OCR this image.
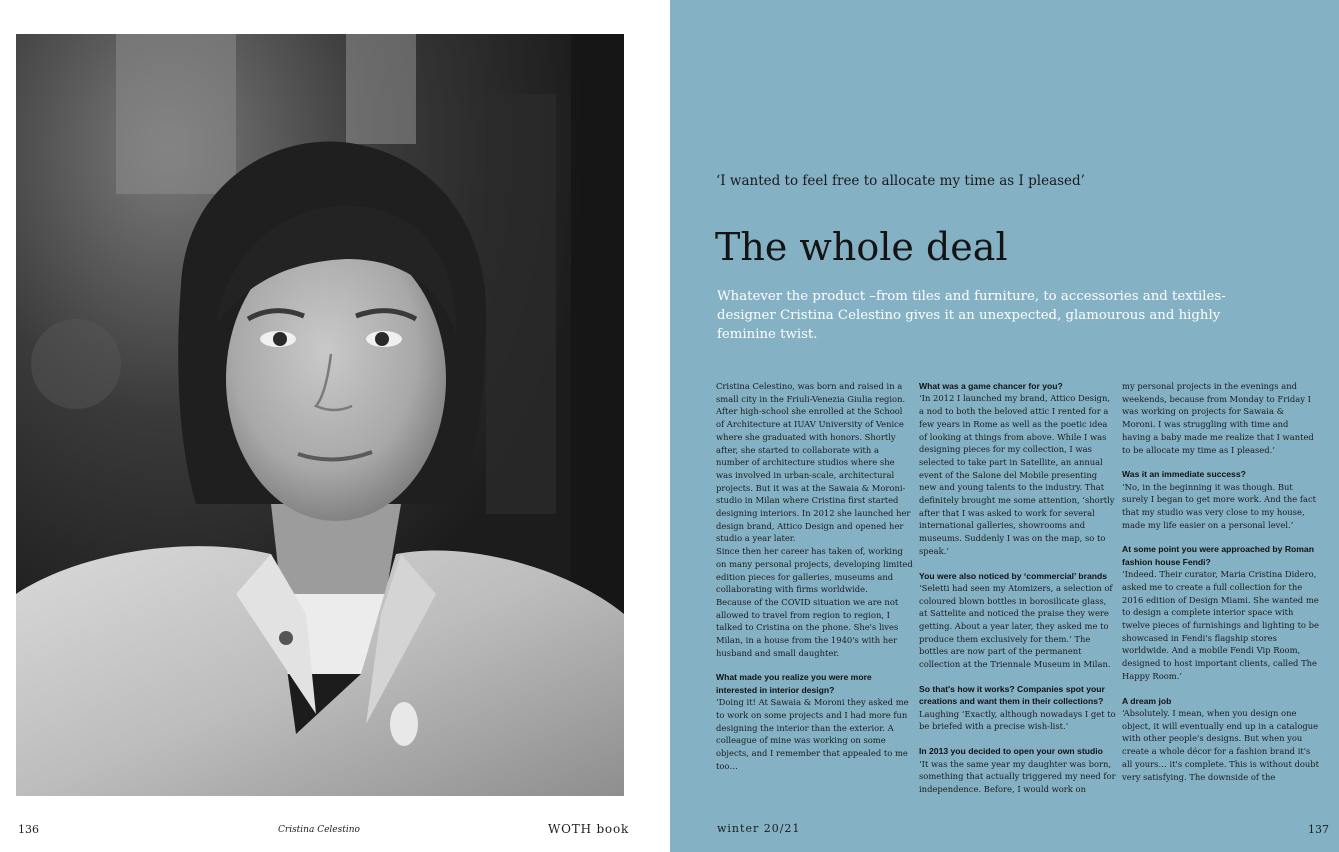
136	Cristina Celestino	WOTH book
‘I wanted to feel free to allocate my time as I pleased’
The whole deal

Whatever the product –from tiles and furniture, to accessories and textiles- designer Cristina Celestino gives it an unexpected, glamourous and highly feminine twist.

Cristina Celestino, was born and raised in a small city in the Friuli-Venezia Giulia region. After high-school she enrolled at the School of Architecture at IUAV University of Venice where she graduated with honors. Shortly after, she started to collaborate with a number of architecture studios where she was involved in urban-scale, architectural projects. But it was at the Sawaia & Moroni-studio in Milan where Cristina first started designing interiors. In 2012 she launched her design brand, Attico Design and opened her studio a year later.

Since then her career has taken of, working on many personal projects, developing limited edition pieces for galleries, museums and collaborating with firms worldwide.

Because of the COVID situation we are not allowed to travel from region to region, I talked to Cristina on the phone. She's lives Milan, in a house from the 1940's with her husband and small daughter.

What made you realize you were more interested in interior design?

‘Doing it! At Sawaia & Moroni they asked me to work on some projects and I had more fun designing the interior than the exterior. A colleague of mine was working on some objects, and I remember that appealed to me too…

What was a game chancer for you?

‘In 2012 I launched my brand, Attico Design, a nod to both the beloved attic I rented for a few years in Rome as well as the poetic idea of looking at things from above. While I was designing pieces for my collection, I was selected to take part in Satellite, an annual event of the Salone del Mobile presenting new and young talents to the industry. That definitely brought me some attention, ‘shortly after that I was asked to work for several international galleries, showrooms and museums. Suddenly I was on the map, so to speak.’

You were also noticed by ‘commercial’ brands

‘Seletti had seen my Atomizers, a selection of coloured blown bottles in borosilicate glass, at Sattelite and noticed the praise they were getting. About a year later, they asked me to produce them exclusively for them.’ The bottles are now part of the permanent collection at the Triennale Museum in Milan.

So that's how it works? Companies spot your creations and want them in their collections?

Laughing ‘Exactly, although nowadays I get to be briefed with a precise wish-list.’

In 2013 you decided to open your own studio

‘It was the same year my daughter was born, something that actually triggered my need for independence. Before, I would work on

my personal projects in the evenings and weekends, because from Monday to Friday I was working on projects for Sawaia & Moroni. I was struggling with time and having a baby made me realize that I wanted to be allocate my time as I pleased.’

Was it an immediate success?

‘No, in the beginning it was though. But surely I began to get more work. And the fact that my studio was very close to my house, made my life easier on a personal level.’

At some point you were approached by Roman fashion house Fendi?

‘Indeed. Their curator, Maria Cristina Didero, asked me to create a full collection for the 2016 edition of Design Miami. She wanted me to design a complete interior space with twelve pieces of furnishings and lighting to be showcased in Fendi's flagship stores worldwide. And a mobile Fendi Vip Room, designed to host important clients, called The Happy Room.’

A dream job

‘Absolutely. I mean, when you design one object, it will eventually end up in a catalogue with other people's designs. But when you create a whole décor for a fashion brand it's all yours… it's complete. This is without doubt very satisfying. The downside of the

winter 20/21	137
